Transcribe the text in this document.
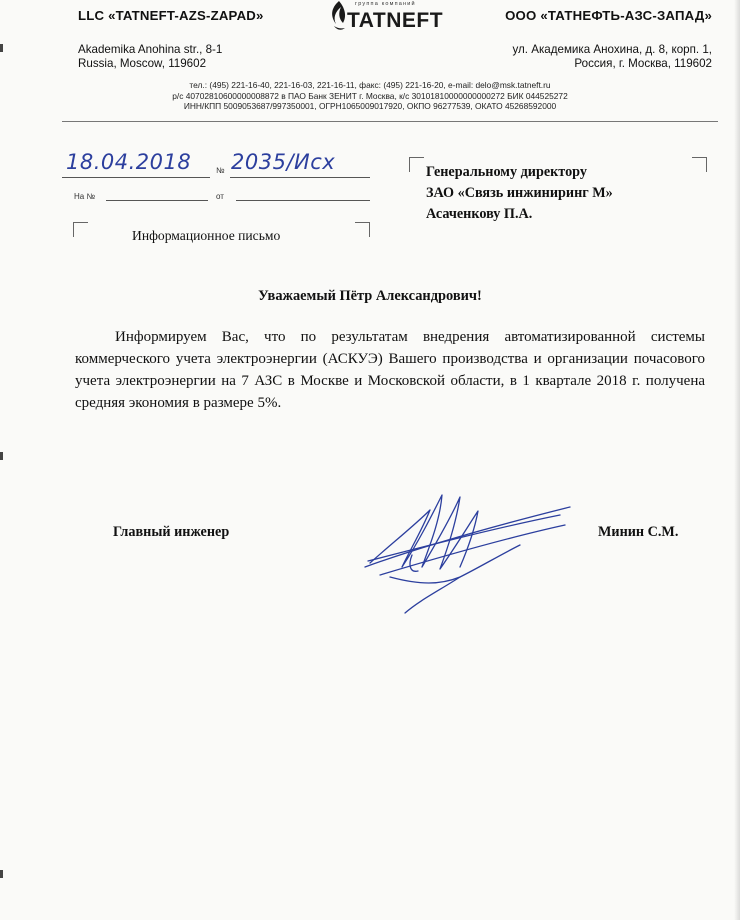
LLC «TATNEFT-AZS-ZAPAD»
Akademika Anohina str., 8-1
Russia, Moscow, 119602
группа компаний
TATNEFT	ООО «ТАТНЕФТЬ-АЗС-ЗАПАД»
ул. Академика Анохина, д. 8, корп. 1,
Россия, г. Москва, 119602
тел.: (495) 221-16-40, 221-16-03, 221-16-11, факс: (495) 221-16-20, e-mail: delo@msk.tatneft.ru
р/с 40702810600000008872 в ПАО Банк ЗЕНИТ г. Москва, к/с 30101810000000000272 БИК 044525272
ИНН/КПП 5009053687/997350001, ОГРН1065009017920, ОКПО 96277539, ОКАТО 45268592000
18.04.2018	№ 2035/Исх
На №	от
Информационное письмо
Генеральному директору
ЗАО «Связь инжиниринг М»
Асаченкову П.А.
Уважаемый Пётр Александрович!
Информируем Вас, что по результатам внедрения автоматизированной системы коммерческого учета электроэнергии (АСКУЭ) Вашего производства и организации почасового учета электроэнергии на 7 АЗС в Москве и Московской области, в 1 квартале 2018 г. получена средняя экономия в размере 5%.
Главный инженер	Минин С.М.
